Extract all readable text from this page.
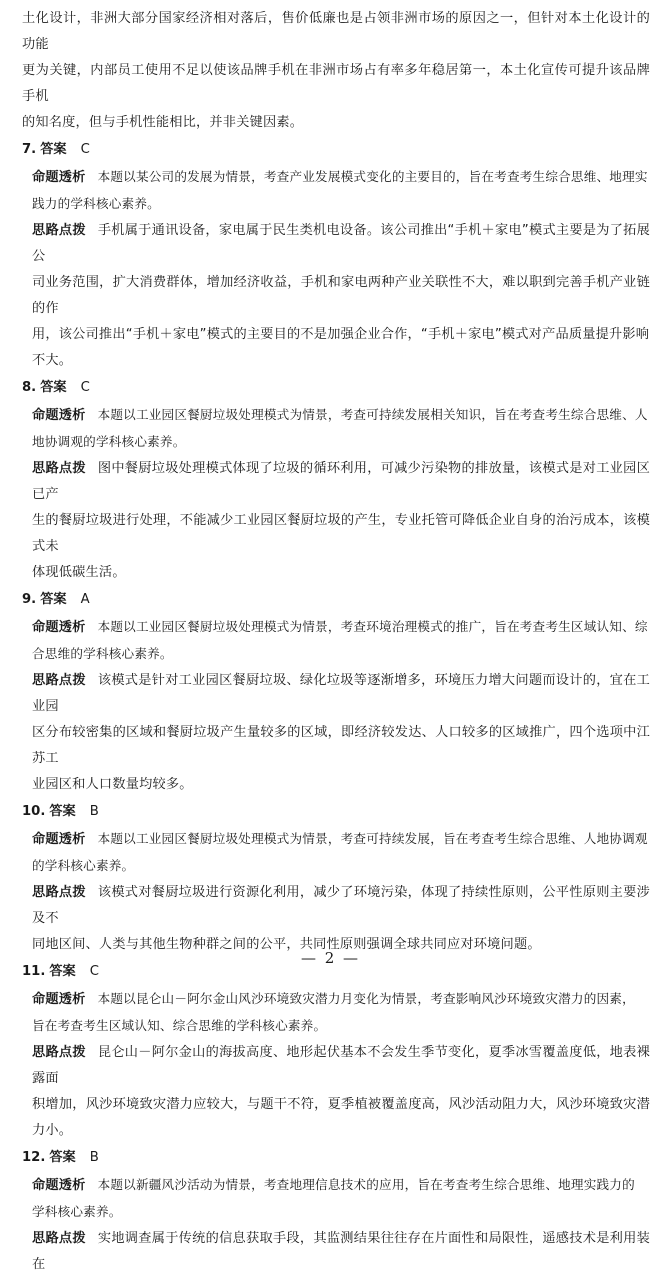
土化设计，非洲大部分国家经济相对落后，售价低廉也是占领非洲市场的原因之一，但针对本土化设计的功能

更为关键，内部员工使用不足以使该品牌手机在非洲市场占有率多年稳居第一，本土化宣传可提升该品牌手机

的知名度，但与手机性能相比，并非关键因素。

7. 答案 C

命题透析 本题以某公司的发展为情景，考查产业发展模式变化的主要目的，旨在考查考生综合思维、地理实

践力的学科核心素养。

思路点拨 手机属于通讯设备，家电属于民生类机电设备。该公司推出“手机＋家电”模式主要是为了拓展公

司业务范围，扩大消费群体，增加经济收益，手机和家电两种产业关联性不大，难以职到完善手机产业链的作

用，该公司推出“手机＋家电”模式的主要目的不是加强企业合作，“手机＋家电”模式对产品质量提升影响

不大。

8. 答案 C

命题透析 本题以工业园区餐厨垃圾处理模式为情景，考查可持续发展相关知识，旨在考查考生综合思维、人

地协调观的学科核心素养。

思路点拨 图中餐厨垃圾处理模式体现了垃圾的循环利用，可减少污染物的排放量，该模式是对工业园区已产

生的餐厨垃圾进行处理，不能减少工业园区餐厨垃圾的产生，专业托管可降低企业自身的治污成本，该模式未

体现低碳生活。

9. 答案 A

命题透析 本题以工业园区餐厨垃圾处理模式为情景，考查环境治理模式的推广，旨在考查考生区域认知、综

合思维的学科核心素养。

思路点拨 该模式是针对工业园区餐厨垃圾、绿化垃圾等逐渐增多，环境压力增大问题而设计的，宜在工业园

区分布较密集的区域和餐厨垃圾产生量较多的区域，即经济较发达、人口较多的区域推广，四个选项中江苏工

业园区和人口数量均较多。

10. 答案 B

命题透析 本题以工业园区餐厨垃圾处理模式为情景，考查可持续发展，旨在考查考生综合思维、人地协调观

的学科核心素养。

思路点拨 该模式对餐厨垃圾进行资源化利用，减少了环境污染，体现了持续性原则，公平性原则主要涉及不

同地区间、人类与其他生物种群之间的公平，共同性原则强调全球共同应对环境问题。

11. 答案 C

命题透析 本题以昆仑山－阿尔金山风沙环境致灾潜力月变化为情景，考查影响风沙环境致灾潜力的因素，

旨在考查考生区域认知、综合思维的学科核心素养。

思路点拨 昆仑山－阿尔金山的海拔高度、地形起伏基本不会发生季节变化，夏季冰雪覆盖度低，地表裸露面

积增加，风沙环境致灾潜力应较大，与题干不符，夏季植被覆盖度高，风沙活动阻力大，风沙环境致灾潜力小。

12. 答案 B

命题透析 本题以新疆风沙活动为情景，考查地理信息技术的应用，旨在考查考生综合思维、地理实践力的

学科核心素养。

思路点拨 实地调查属于传统的信息获取手段，其监测结果往往存在片面性和局限性，遥感技术是利用装在

— 2 —
